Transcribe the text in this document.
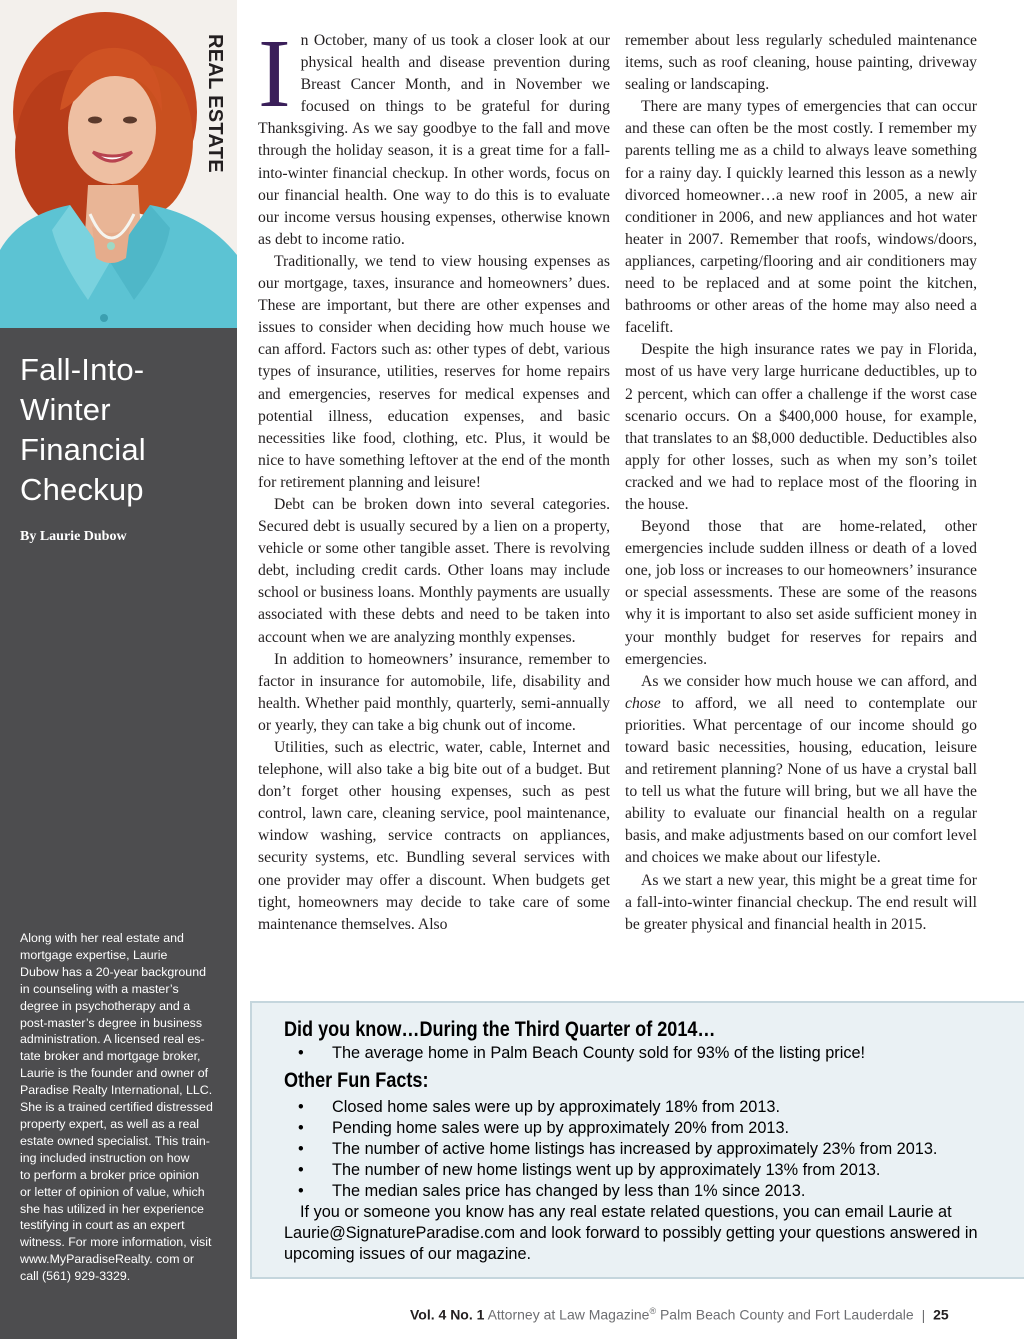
Fall-Into-
Winter
Financial
Checkup
By Laurie Dubow
Along with her real estate and
mortgage expertise, Laurie
Dubow has a 20-year background
in counseling with a master’s
degree in psychotherapy and a
post-master’s degree in business
administration. A licensed real es-
tate broker and mortgage broker,
Laurie is the founder and owner of
Paradise Realty International, LLC.
She is a trained certified distressed
property expert, as well as a real
estate owned specialist. This train-
ing included instruction on how
to perform a broker price opinion
or letter of opinion of value, which
she has utilized in her experience
testifying in court as an expert
witness. For more information, visit
www.MyParadiseRealty. com or
call (561) 929-3329.
REAL ESTATE In October, many of us took a closer look at our physical health and disease prevention during Breast Cancer Month, and in November we focused on things to be grateful for during Thanksgiving. As we say goodbye to the fall and move through the holiday season, it is a great time for a fall-into-winter financial checkup. In other words, focus on our financial health. One way to do this is to evaluate our income versus housing expenses, otherwise known as debt to income ratio.

Traditionally, we tend to view housing expenses as our mortgage, taxes, insurance and homeowners’ dues. These are important, but there are other expenses and issues to consider when deciding how much house we can afford. Factors such as: other types of debt, various types of insurance, utilities, reserves for home repairs and emergencies, reserves for medical expenses and potential illness, education expenses, and basic necessities like food, clothing, etc. Plus, it would be nice to have something leftover at the end of the month for retirement planning and leisure!

Debt can be broken down into several categories. Secured debt is usually secured by a lien on a property, vehicle or some other tangible asset. There is revolving debt, including credit cards. Other loans may include school or business loans. Monthly payments are usually associated with these debts and need to be taken into account when we are analyzing monthly expenses.

In addition to homeowners’ insurance, remember to factor in insurance for automobile, life, disability and health. Whether paid monthly, quarterly, semi-annually or yearly, they can take a big chunk out of income.

Utilities, such as electric, water, cable, Internet and telephone, will also take a big bite out of a budget. But don’t forget other housing expenses, such as pest control, lawn care, cleaning service, pool maintenance, window washing, service contracts on appliances, security systems, etc. Bundling several services with one provider may offer a discount. When budgets get tight, homeowners may decide to take care of some maintenance themselves. Also

remember about less regularly scheduled maintenance items, such as roof cleaning, house painting, driveway sealing or landscaping.

There are many types of emergencies that can occur and these can often be the most costly. I remember my parents telling me as a child to always leave something for a rainy day. I quickly learned this lesson as a newly divorced homeowner…a new roof in 2005, a new air conditioner in 2006, and new appliances and hot water heater in 2007. Remember that roofs, windows/doors, appliances, carpeting/flooring and air conditioners may need to be replaced and at some point the kitchen, bathrooms or other areas of the home may also need a facelift.

Despite the high insurance rates we pay in Florida, most of us have very large hurricane deductibles, up to 2 percent, which can offer a challenge if the worst case scenario occurs. On a $400,000 house, for example, that translates to an $8,000 deductible. Deductibles also apply for other losses, such as when my son’s toilet cracked and we had to replace most of the flooring in the house.

Beyond those that are home-related, other emergencies include sudden illness or death of a loved one, job loss or increases to our homeowners’ insurance or special assessments. These are some of the reasons why it is important to also set aside sufficient money in your monthly budget for reserves for repairs and emergencies.

As we consider how much house we can afford, and chose to afford, we all need to contemplate our priorities. What percentage of our income should go toward basic necessities, housing, education, leisure and retirement planning? None of us have a crystal ball to tell us what the future will bring, but we all have the ability to evaluate our financial health on a regular basis, and make adjustments based on our comfort level and choices we make about our lifestyle.

As we start a new year, this might be a great time for a fall-into-winter financial checkup. The end result will be greater physical and financial health in 2015.

Did you know…During the Third Quarter of 2014…
• The average home in Palm Beach County sold for 93% of the listing price!
Other Fun Facts:
• Closed home sales were up by approximately 18% from 2013.
• Pending home sales were up by approximately 20% from 2013.
• The number of active home listings has increased by approximately 23% from 2013.
• The number of new home listings went up by approximately 13% from 2013.
• The median sales price has changed by less than 1% since 2013.

If you or someone you know has any real estate related questions, you can email Laurie at Laurie@SignatureParadise.com and look forward to possibly getting your questions answered in upcoming issues of our magazine.

Vol. 4 No. 1 Attorney at Law Magazine® Palm Beach County and Fort Lauderdale | 25
